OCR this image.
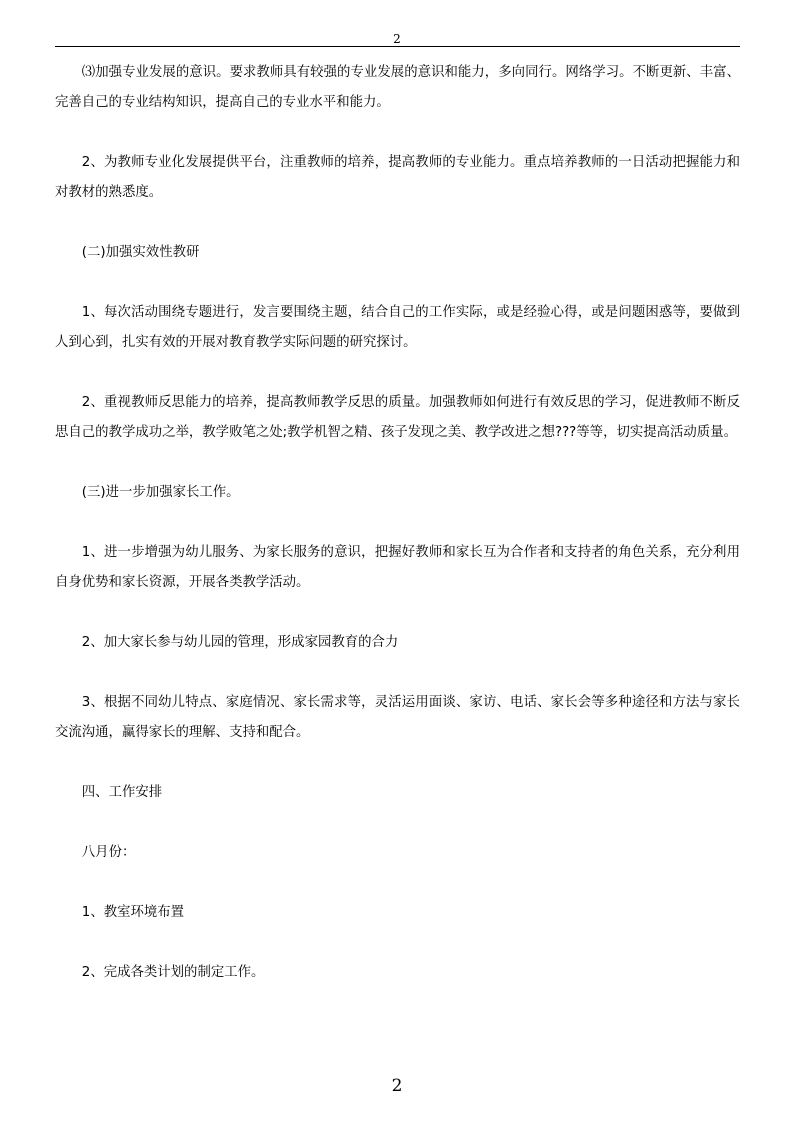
2

⑶加强专业发展的意识。要求教师具有较强的专业发展的意识和能力，多向同行。网络学习。不断更新、丰富、完善自己的专业结构知识，提高自己的专业水平和能力。

2、为教师专业化发展提供平台，注重教师的培养，提高教师的专业能力。重点培养教师的一日活动把握能力和对教材的熟悉度。

(二)加强实效性教研

1、每次活动围绕专题进行，发言要围绕主题，结合自己的工作实际，或是经验心得，或是问题困惑等，要做到人到心到，扎实有效的开展对教育教学实际问题的研究探讨。

2、重视教师反思能力的培养，提高教师教学反思的质量。加强教师如何进行有效反思的学习，促进教师不断反思自己的教学成功之举，教学败笔之处;教学机智之精、孩子发现之美、教学改进之想???等等，切实提高活动质量。

(三)进一步加强家长工作。

1、进一步增强为幼儿服务、为家长服务的意识，把握好教师和家长互为合作者和支持者的角色关系，充分利用自身优势和家长资源，开展各类教学活动。

2、加大家长参与幼儿园的管理，形成家园教育的合力

3、根据不同幼儿特点、家庭情况、家长需求等，灵活运用面谈、家访、电话、家长会等多种途径和方法与家长交流沟通，赢得家长的理解、支持和配合。

四、工作安排

八月份：

1、教室环境布置

2、完成各类计划的制定工作。

2
